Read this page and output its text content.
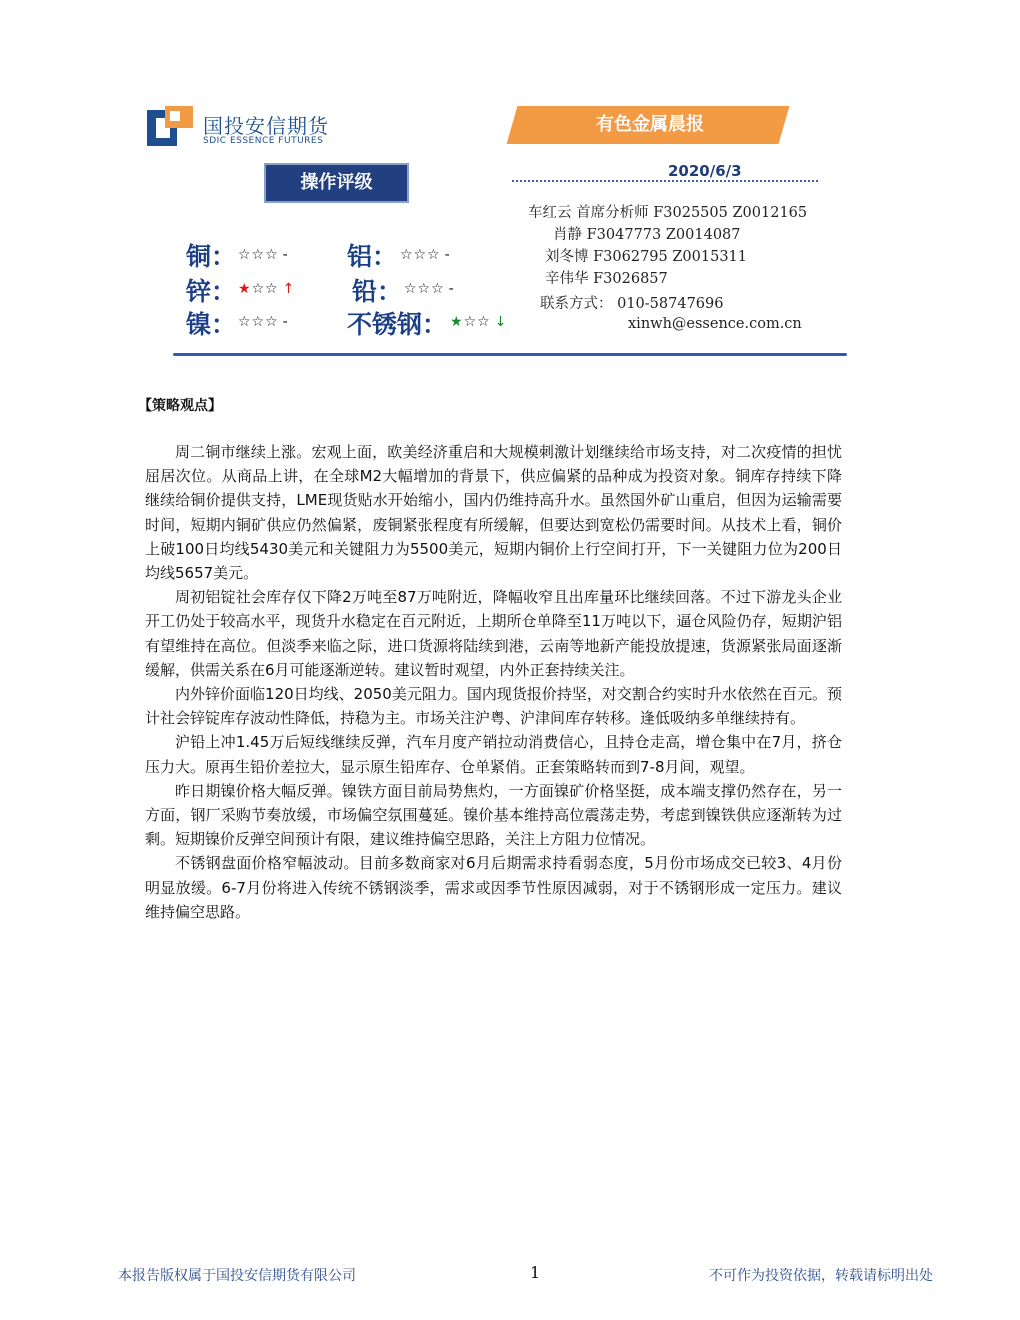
国投安信期货
SDIC ESSENCE FUTURES
有色金属晨报
2020/6/3
操作评级
铜： ☆☆☆ - 铝： ☆☆☆ -
锌： ★☆☆ ↑ 铅： ☆☆☆ -
镍： ☆☆☆ - 不锈钢： ★☆☆ ↓
车红云 首席分析师 F3025505 Z0012165
肖静 F3047773 Z0014087
刘冬博 F3062795 Z0015311
辛伟华 F3026857
联系方式： 010-58747696
xinwh@essence.com.cn
【策略观点】

周二铜市继续上涨。宏观上面，欧美经济重启和大规模刺激计划继续给市场支持，对二次疫情的担忧屈居次位。从商品上讲，在全球M2大幅增加的背景下，供应偏紧的品种成为投资对象。铜库存持续下降继续给铜价提供支持，LME现货贴水开始缩小，国内仍维持高升水。虽然国外矿山重启，但因为运输需要时间，短期内铜矿供应仍然偏紧，废铜紧张程度有所缓解，但要达到宽松仍需要时间。从技术上看，铜价上破100日均线5430美元和关键阻力为5500美元，短期内铜价上行空间打开，下一关键阻力位为200日均线5657美元。

周初铝锭社会库存仅下降2万吨至87万吨附近，降幅收窄且出库量环比继续回落。不过下游龙头企业开工仍处于较高水平，现货升水稳定在百元附近，上期所仓单降至11万吨以下，逼仓风险仍存，短期沪铝有望维持在高位。但淡季来临之际，进口货源将陆续到港，云南等地新产能投放提速，货源紧张局面逐渐缓解，供需关系在6月可能逐渐逆转。建议暂时观望，内外正套持续关注。

内外锌价面临120日均线、2050美元阻力。国内现货报价持坚，对交割合约实时升水依然在百元。预计社会锌锭库存波动性降低，持稳为主。市场关注沪粤、沪津间库存转移。逢低吸纳多单继续持有。

沪铅上冲1.45万后短线继续反弹，汽车月度产销拉动消费信心，且持仓走高，增仓集中在7月，挤仓压力大。原再生铅价差拉大，显示原生铅库存、仓单紧俏。正套策略转而到7-8月间，观望。

昨日期镍价格大幅反弹。镍铁方面目前局势焦灼，一方面镍矿价格坚挺，成本端支撑仍然存在，另一方面，钢厂采购节奏放缓，市场偏空氛围蔓延。镍价基本维持高位震荡走势，考虑到镍铁供应逐渐转为过剩。短期镍价反弹空间预计有限，建议维持偏空思路，关注上方阻力位情况。

不锈钢盘面价格窄幅波动。目前多数商家对6月后期需求持看弱态度，5月份市场成交已较3、4月份明显放缓。6-7月份将进入传统不锈钢淡季，需求或因季节性原因减弱，对于不锈钢形成一定压力。建议维持偏空思路。

本报告版权属于国投安信期货有限公司	1	不可作为投资依据，转载请标明出处
